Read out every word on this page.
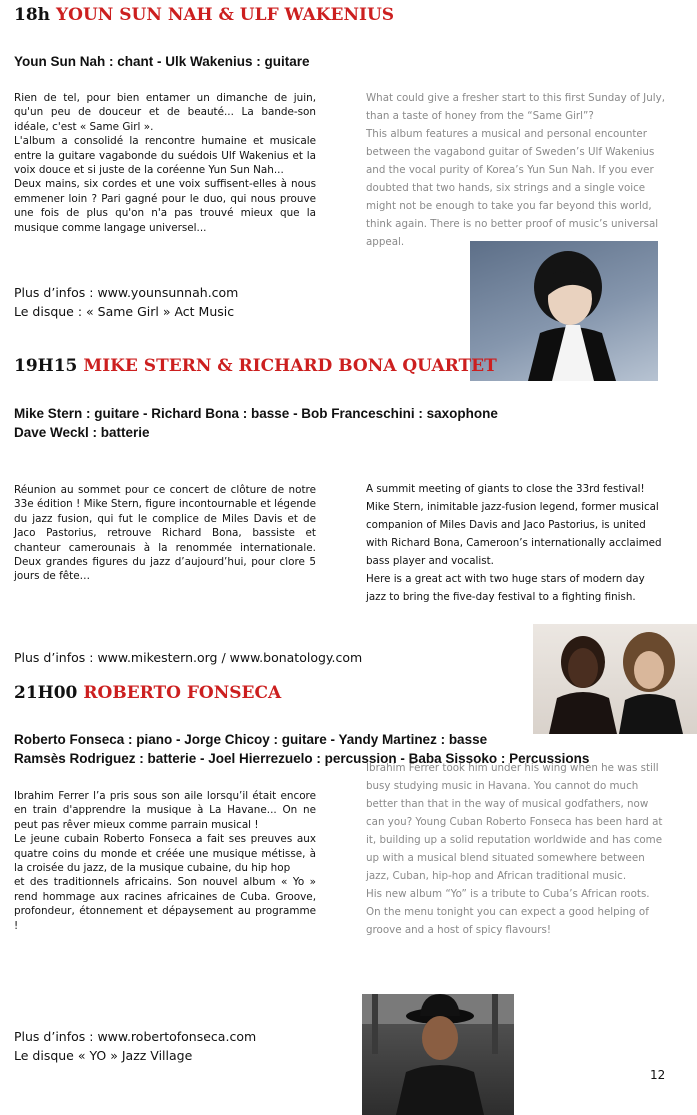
18h YOUN SUN NAH & ULF WAKENIUS
Youn Sun Nah : chant - Ulk Wakenius : guitare

Rien de tel, pour bien entamer un dimanche de juin, qu'un peu de douceur et de beauté... La bande-son idéale, c'est « Same Girl ».

L'album a consolidé la rencontre humaine et musicale entre la guitare vagabonde du suédois Ulf Wakenius et la voix douce et si juste de la coréenne Yun Sun Nah...

Deux mains, six cordes et une voix suffisent-elles à nous emmener loin ? Pari gagné pour le duo, qui nous prouve une fois de plus qu'on n'a pas trouvé mieux que la musique comme langage universel...

What could give a fresher start to this first Sunday of July, than a taste of honey from the “Same Girl”?

This album features a musical and personal encounter between the vagabond guitar of Sweden’s Ulf Wakenius and the vocal purity of Korea’s Yun Sun Nah. If you ever doubted that two hands, six strings and a single voice might not be enough to take you far beyond this world, think again. There is no better proof of music’s universal appeal.

Plus d’infos : www.younsunnah.com
Le disque : « Same Girl » Act Music
19H15 MIKE STERN & RICHARD BONA QUARTET
Mike Stern : guitare - Richard Bona : basse - Bob Franceschini : saxophone
Dave Weckl : batterie

Réunion au sommet pour ce concert de clôture de notre 33e édition ! Mike Stern, figure incontournable et légende du jazz fusion, qui fut le complice de Miles Davis et de Jaco Pastorius, retrouve Richard Bona, bassiste et chanteur camerounais à la renommée internationale. Deux grandes figures du jazz d’aujourd’hui, pour clore 5 jours de fête…

A summit meeting of giants to close the 33rd festival! Mike Stern, inimitable jazz-fusion legend, former musical companion of Miles Davis and Jaco Pastorius, is united with Richard Bona, Cameroon’s internationally acclaimed bass player and vocalist.

Here is a great act with two huge stars of modern day jazz to bring the five-day festival to a fighting finish.

Plus d’infos : www.mikestern.org / www.bonatology.com
21H00 ROBERTO FONSECA
Roberto Fonseca : piano - Jorge Chicoy : guitare - Yandy Martinez : basse
Ramsès Rodriguez : batterie - Joel Hierrezuelo : percussion - Baba Sissoko : Percussions

Ibrahim Ferrer l’a pris sous son aile lorsqu’il était encore en train d'apprendre la musique à La Havane... On ne peut pas rêver mieux comme parrain musical !

Le jeune cubain Roberto Fonseca a fait ses preuves aux quatre coins du monde et créée une musique métisse, à la croisée du jazz, de la musique cubaine, du hip hop

et des traditionnels africains. Son nouvel album « Yo » rend hommage aux racines africaines de Cuba. Groove, profondeur, étonnement et dépaysement au programme !

Ibrahim Ferrer took him under his wing when he was still busy studying music in Havana. You cannot do much better than that in the way of musical godfathers, now can you? Young Cuban Roberto Fonseca has been hard at it, building up a solid reputation worldwide and has come up with a musical blend situated somewhere between jazz, Cuban, hip-hop and African traditional music.

His new album “Yo” is a tribute to Cuba’s African roots. On the menu tonight you can expect a good helping of groove and a host of spicy flavours!

Plus d’infos : www.robertofonseca.com
Le disque « YO » Jazz Village
12
